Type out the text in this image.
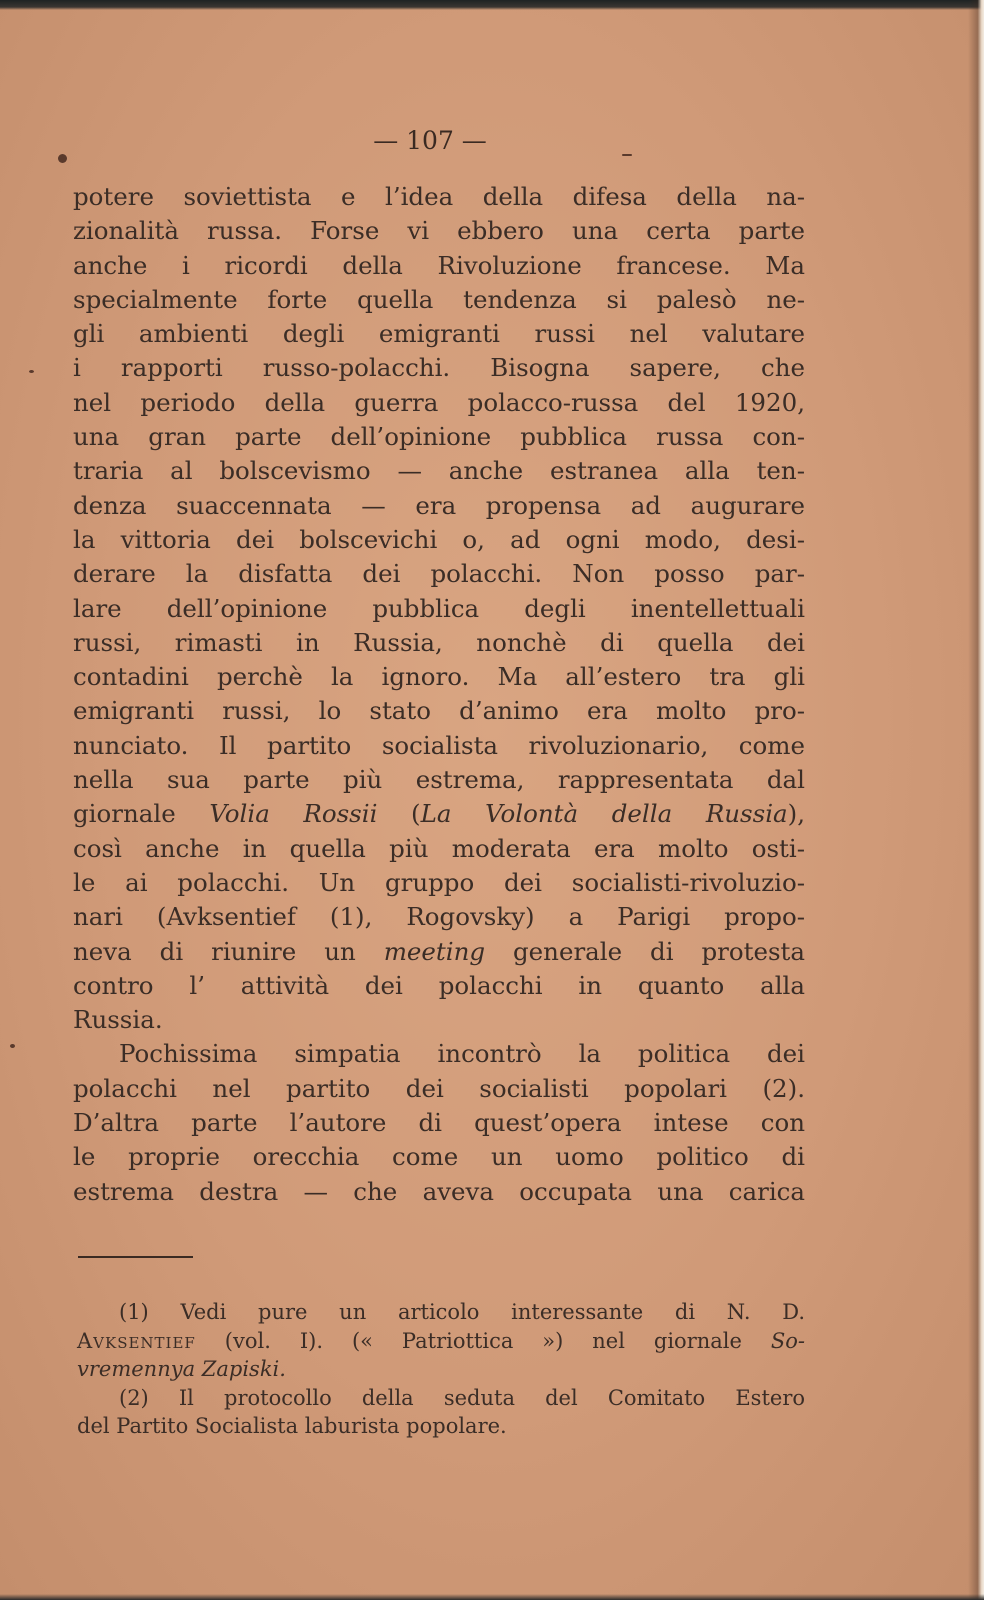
— 107 —
potere soviettista e l’idea della difesa della na-
zionalità russa. Forse vi ebbero una certa parte
anche i ricordi della Rivoluzione francese. Ma
specialmente forte quella tendenza si palesò ne-
gli ambienti degli emigranti russi nel valutare
i rapporti russo-polacchi. Bisogna sapere, che
nel periodo della guerra polacco-russa del 1920,
una gran parte dell’opinione pubblica russa con-
traria al bolscevismo — anche estranea alla ten-
denza suaccennata — era propensa ad augurare
la vittoria dei bolscevichi o, ad ogni modo, desi-
derare la disfatta dei polacchi. Non posso par-
lare dell’opinione pubblica degli inentellettuali
russi, rimasti in Russia, nonchè di quella dei
contadini perchè la ignoro. Ma all’estero tra gli
emigranti russi, lo stato d’animo era molto pro-
nunciato. Il partito socialista rivoluzionario, come
nella sua parte più estrema, rappresentata dal
giornale Volia Rossii (La Volontà della Russia),
così anche in quella più moderata era molto osti-
le ai polacchi. Un gruppo dei socialisti-rivoluzio-
nari (Avksentief (1), Rogovsky) a Parigi propo-
neva di riunire un meeting generale di protesta
contro l’ attività dei polacchi in quanto alla
Russia.
Pochissima simpatia incontrò la politica dei
polacchi nel partito dei socialisti popolari (2).
D’altra parte l’autore di quest’opera intese con
le proprie orecchia come un uomo politico di
estrema destra — che aveva occupata una carica
(1) Vedi pure un articolo interessante di N. D.
Avksentief (vol. I). (« Patriottica ») nel giornale So-
vremennya Zapiski.
(2) Il protocollo della seduta del Comitato Estero
del Partito Socialista laburista popolare.
